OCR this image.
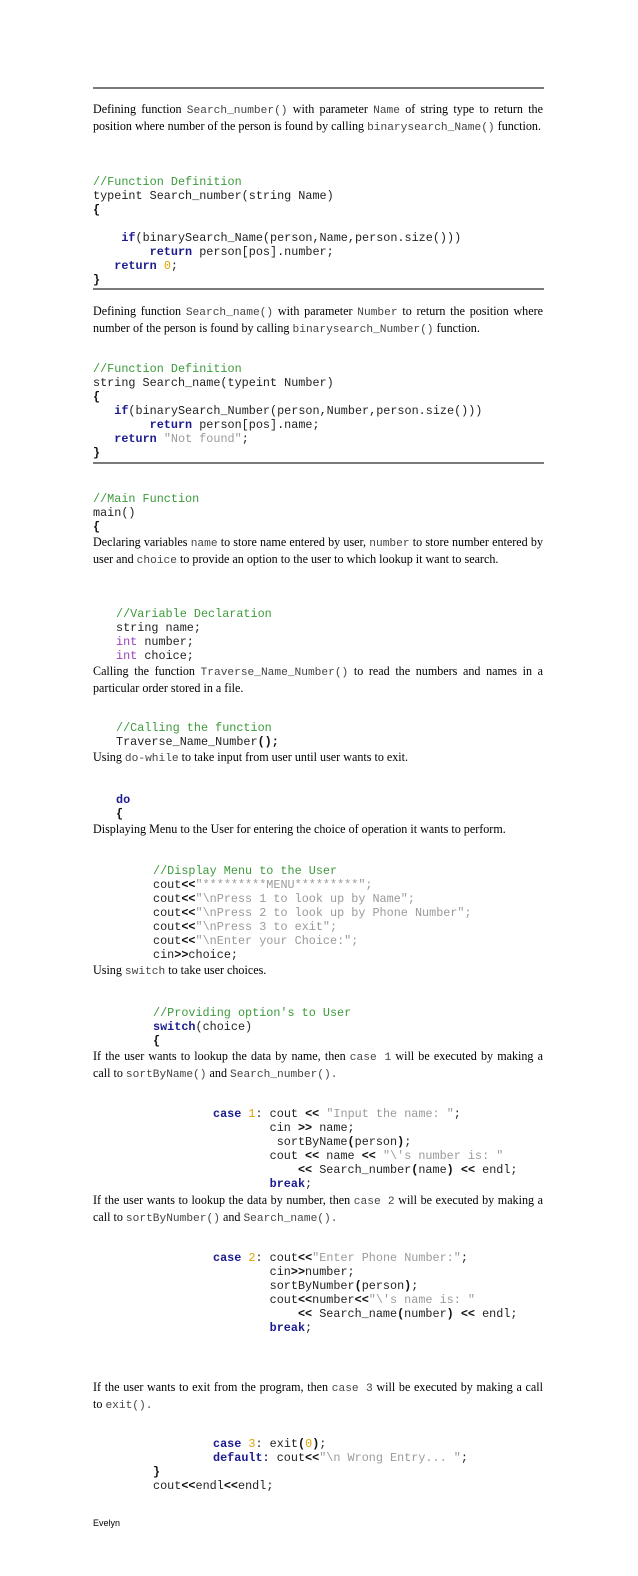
Defining function Search_number() with parameter Name of string type to return the position where number of the person is found by calling binarysearch_Name() function.

//Function Definition
typeint Search_number(string Name)
{

if(binarySearch_Name(person,Name,person.size()))
return person[pos].number;
return 0;
}

Defining function Search_name() with parameter Number to return the position where number of the person is found by calling binarysearch_Number() function.

//Function Definition
string Search_name(typeint Number)
{
if(binarySearch_Number(person,Number,person.size()))
return person[pos].name;
return "Not found";
}

//Main Function
main()
{

Declaring variables name to store name entered by user, number to store number entered by user and choice to provide an option to the user to which lookup it want to search.

//Variable Declaration
string name;
int number;
int choice;

Calling the function Traverse_Name_Number() to read the numbers and names in a particular order stored in a file.

//Calling the function
Traverse_Name_Number();

Using do-while to take input from user until user wants to exit.

do
{

Displaying Menu to the User for entering the choice of operation it wants to perform.

//Display Menu to the User
cout<<"*********MENU*********";
cout<<"\nPress 1 to look up by Name";
cout<<"\nPress 2 to look up by Phone Number";
cout<<"\nPress 3 to exit";
cout<<"\nEnter your Choice:";
cin>>choice;

Using switch to take user choices.

//Providing option's to User
switch(choice)
{

If the user wants to lookup the data by name, then case 1 will be executed by making a call to sortByName() and Search_number().

case 1: cout << "Input the name: ";
cin >> name;
sortByName(person);
cout << name << "\'s number is: "
<< Search_number(name) << endl;
break;

If the user wants to lookup the data by number, then case 2 will be executed by making a call to sortByNumber() and Search_name().

case 2: cout<<"Enter Phone Number:";
cin>>number;
sortByNumber(person);
cout<<number<<"\'s name is: "
<< Search_name(number) << endl;
break;

If the user wants to exit from the program, then case 3 will be executed by making a call to exit().

case 3: exit(0);
default: cout<<"\n Wrong Entry... ";

}
cout<<endl<<endl;

Evelyn
